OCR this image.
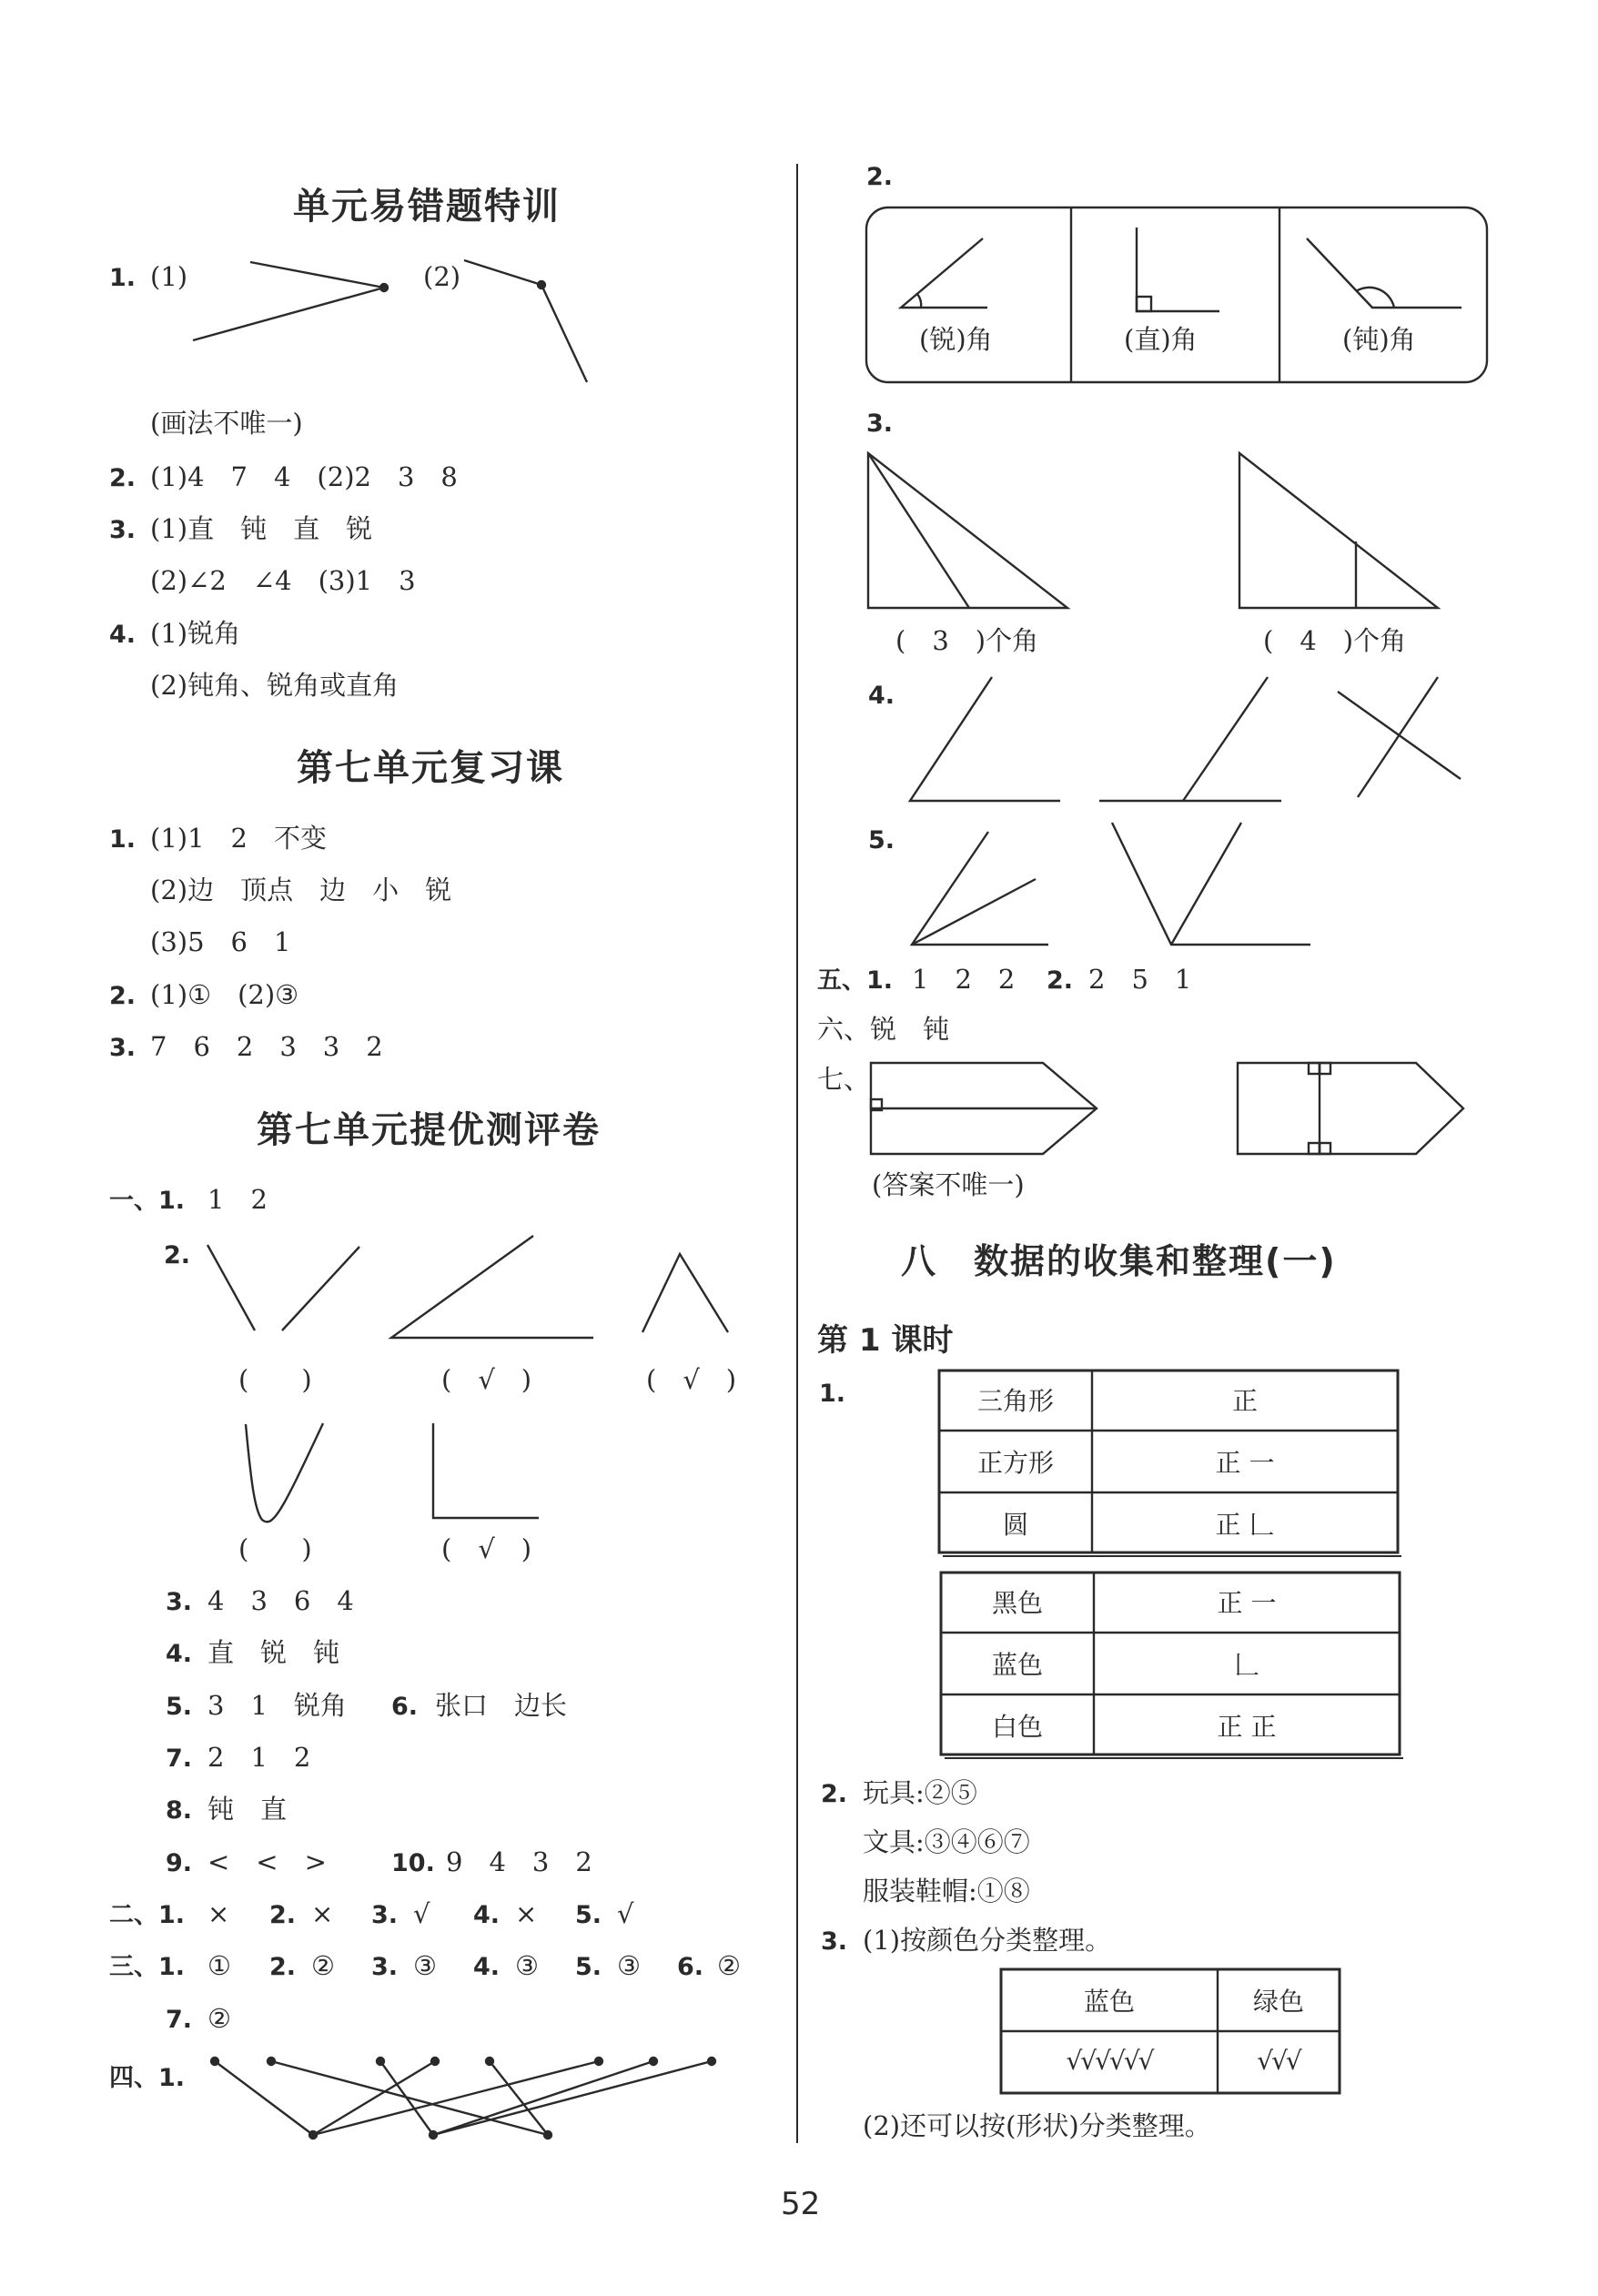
单元易错题特训
1. (1)	(2)
(画法不唯一)
2. (1)4　7　4　(2)2　3　8
3. (1)直　钝　直　锐
(2)∠2　∠4　(3)1　3
4. (1)锐角
(2)钝角、锐角或直角
第七单元复习课
1. (1)1　2　不变
(2)边　顶点　边　小　锐
(3)5　6　1
2. (1)①　(2)③
3. 7　6　2　3　3　2
第七单元提优测评卷
一、1. 1　2
2.
(　　)	(　√　)	(　√　)
(　　)	(　√　)
3. 4　3　6　4
4. 直　锐　钝
5. 3　1　锐角 6. 张口　边长
7. 2　1　2
8. 钝　直
9. <　<　>	10. 9　4　3　2
二、1. × 2. × 3. √ 4. × 5. √
三、1. ① 2. ② 3. ③ 4. ③ 5. ③ 6. ②
7. ②
四、1.
2.
(锐)角	(直)角	(钝)角
3.
(　3　)个角	(　4　)个角
4.
5.
五、1. 1　2　2 2. 2　5　1
六、锐　钝
七、
(答案不唯一)
八　数据的收集和整理(一)
第 1 课时
1.	三角形	正
正方形	正 一
圆	正 𠃊
黑色	正 一
蓝色	𠃊
白色	正 正
2. 玩具:②⑤
文具:③④⑥⑦
服装鞋帽:①⑧
3. (1)按颜色分类整理。
蓝色	绿色
√√√√√√	√√√
(2)还可以按(形状)分类整理。
52
